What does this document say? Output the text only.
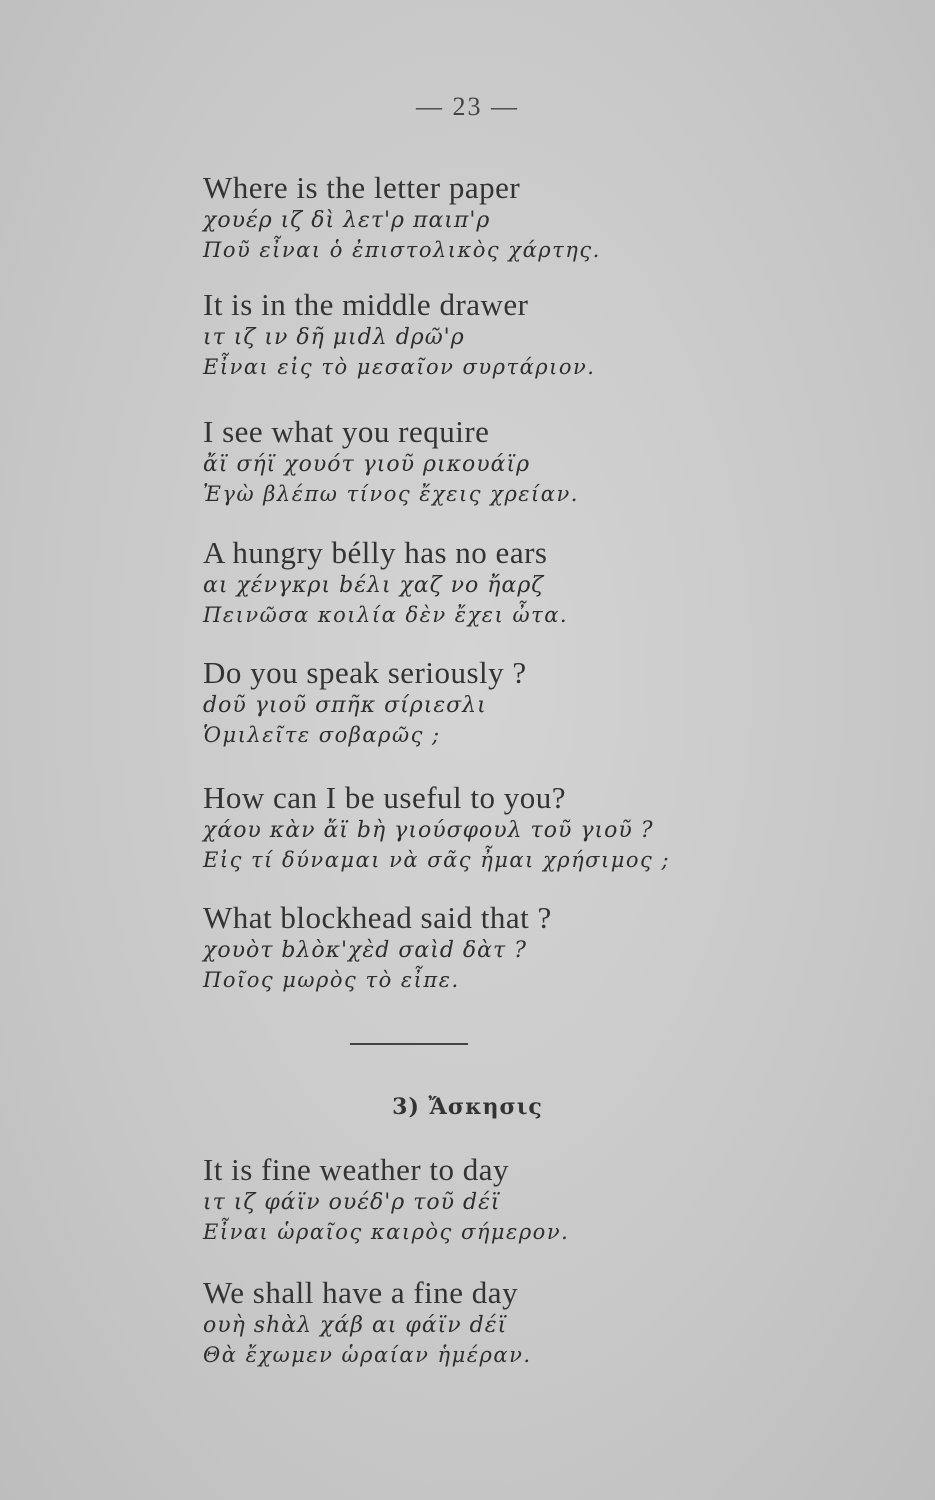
— 23 —
Where is the letter paper
χουέρ ιζ δὶ λετ'ρ παιπ'ρ
Ποῦ εἶναι ὁ ἐπιστολικὸς χάρτης.
It is in the middle drawer
ιτ ιζ ιν δῆ μιdλ dρῶ'ρ
Εἶναι εἰς τὸ μεσαῖον συρτάριον.
I see what you require
ἄϊ σήϊ χουότ γιοῦ ρικουάϊρ
Ἐγὼ βλέπω τίνος ἔχεις χρείαν.
A hungry bélly has no ears
αι χένγκρι bέλι χαζ νο ἤαρζ
Πεινῶσα κοιλία δὲν ἔχει ὦτα.
Do you speak seriously ?
dοῦ γιοῦ σπῆκ σίριεσλι
Ὁμιλεῖτε σοβαρῶς ;
How can I be useful to you?
χάου κὰν ἄϊ bὴ γιούσφουλ τοῦ γιοῦ ?
Εἰς τί δύναμαι νὰ σᾶς ἦμαι χρήσιμος ;
What blockhead said that ?
χουὸτ bλὸκ'χὲd σαὶd δὰτ ?
Ποῖος μωρὸς τὸ εἶπε.
3) Ἄσκησις
It is fine weather to day
ιτ ιζ φάϊν ουέδ'ρ τοῦ dέϊ
Εἶναι ὡραῖος καιρὸς σήμερον.
We shall have a fine day
ουὴ shὰλ χάβ αι φάϊν dέϊ
Θὰ ἔχωμεν ὡραίαν ἡμέραν.
